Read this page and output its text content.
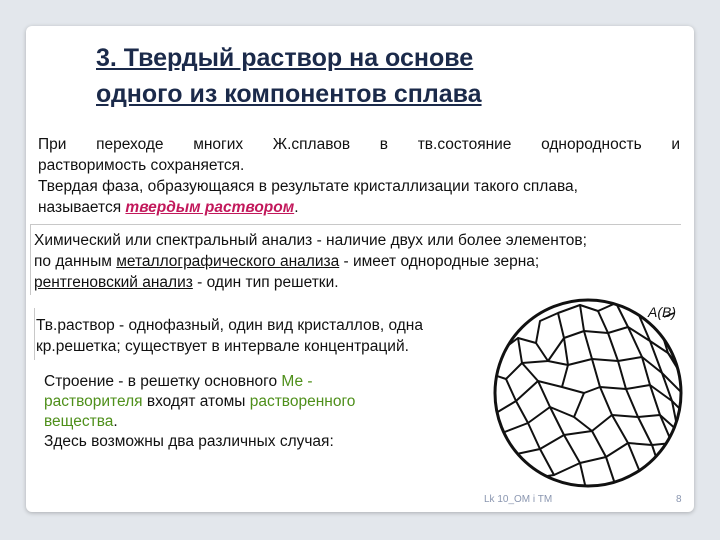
3. Твердый раствор на основе
одного из компонентов сплава
При переходе многих Ж.сплавов в тв.состояние однородность и
растворимость сохраняется.
Твердая фаза, образующаяся в результате кристаллизации такого сплава,
называется твердым раствором.
Химический или спектральный анализ - наличие двух или более элементов;
по данным металлографического анализа - имеет однородные зерна;
рентгеновский анализ - один тип решетки.
Тв.раствор - однофазный, один вид кристаллов, одна
кр.решетка; существует в интервале концентраций.
Строение - в решетку основного Ме -
растворителя входят атомы растворенного
вещества.
Здесь возможны два различных случая:
A(B)
Lk 10_OM i TM	8
